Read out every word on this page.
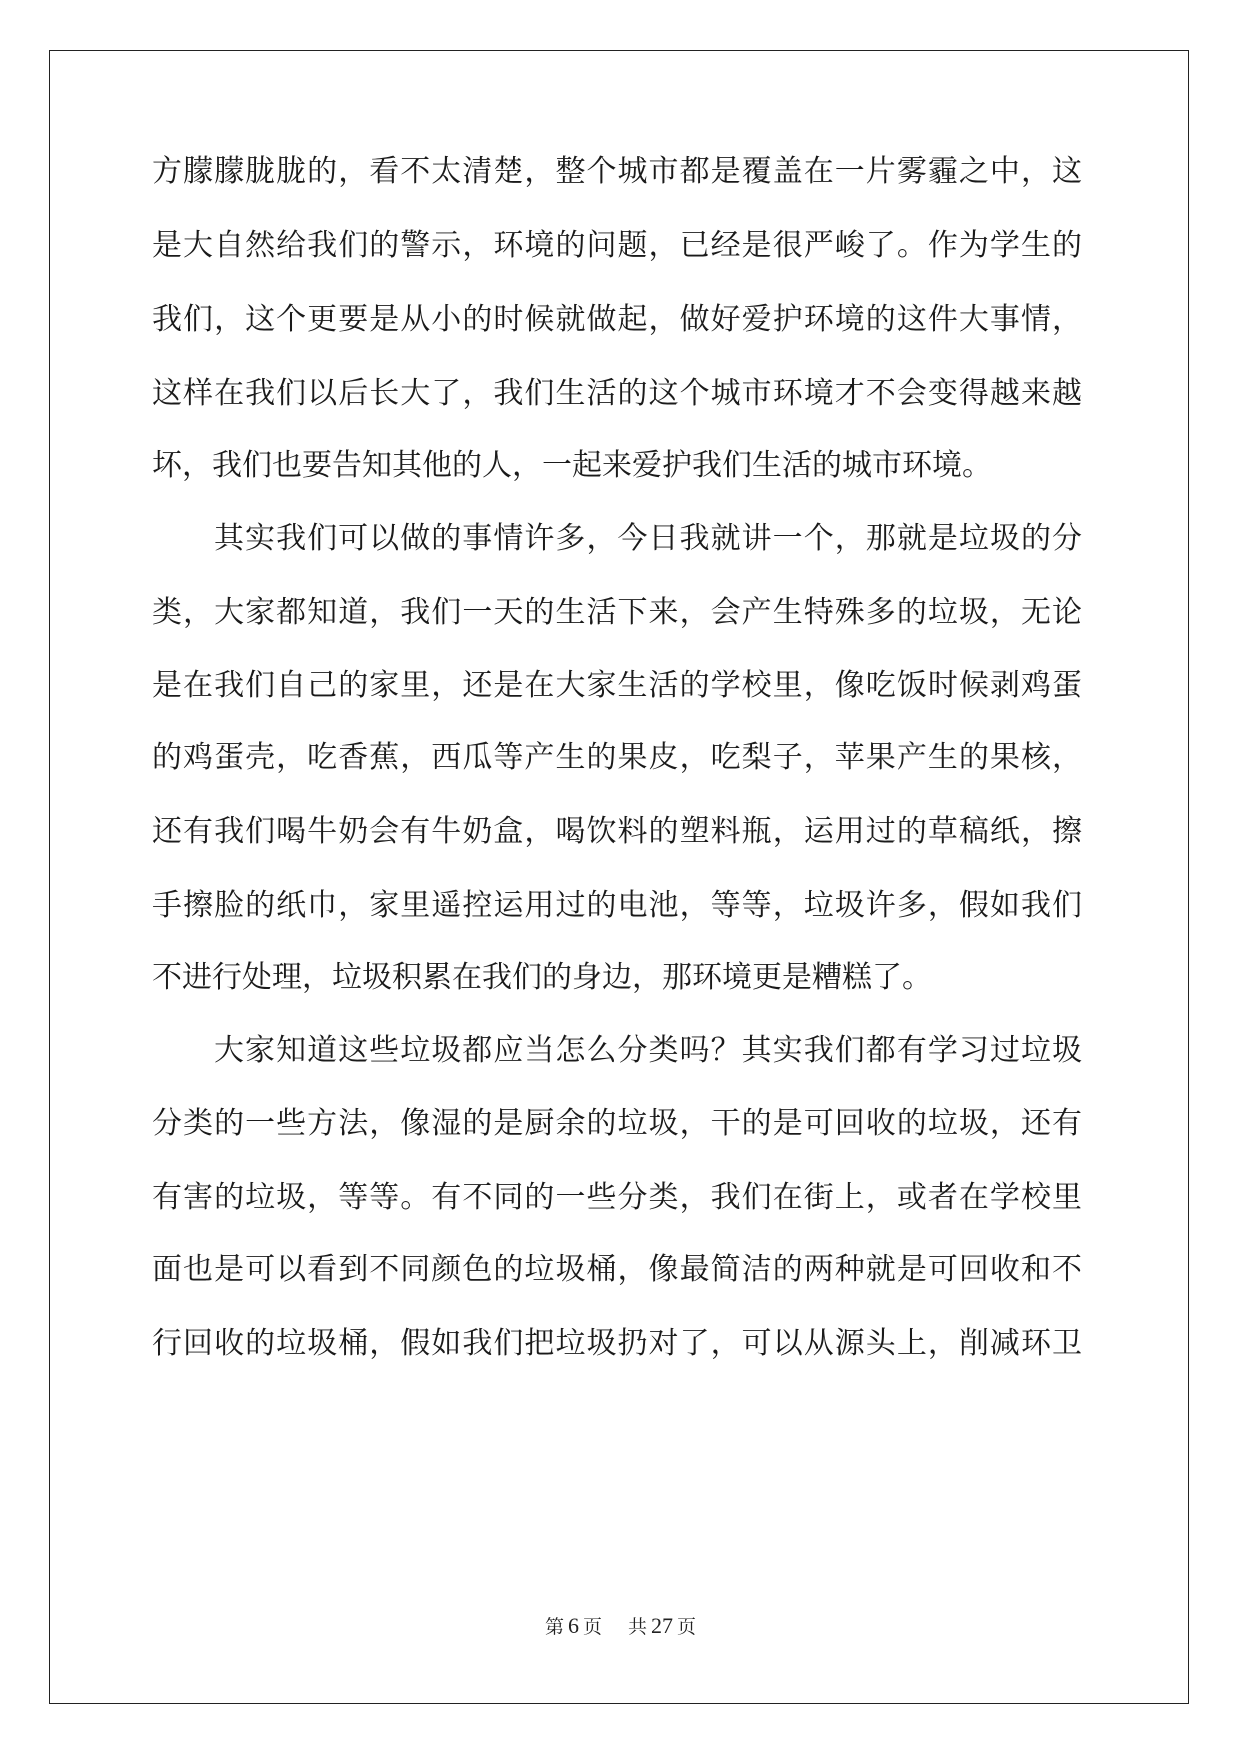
方朦朦胧胧的，看不太清楚，整个城市都是覆盖在一片雾霾之中，这
是大自然给我们的警示，环境的问题，已经是很严峻了。作为学生的
我们，这个更要是从小的时候就做起，做好爱护环境的这件大事情，
这样在我们以后长大了，我们生活的这个城市环境才不会变得越来越
坏，我们也要告知其他的人，一起来爱护我们生活的城市环境。
其实我们可以做的事情许多，今日我就讲一个，那就是垃圾的分
类，大家都知道，我们一天的生活下来，会产生特殊多的垃圾，无论
是在我们自己的家里，还是在大家生活的学校里，像吃饭时候剥鸡蛋
的鸡蛋壳，吃香蕉，西瓜等产生的果皮，吃梨子，苹果产生的果核，
还有我们喝牛奶会有牛奶盒，喝饮料的塑料瓶，运用过的草稿纸，擦
手擦脸的纸巾，家里遥控运用过的电池，等等，垃圾许多，假如我们
不进行处理，垃圾积累在我们的身边，那环境更是糟糕了。
大家知道这些垃圾都应当怎么分类吗？其实我们都有学习过垃圾
分类的一些方法，像湿的是厨余的垃圾，干的是可回收的垃圾，还有
有害的垃圾，等等。有不同的一些分类，我们在街上，或者在学校里
面也是可以看到不同颜色的垃圾桶，像最简洁的两种就是可回收和不
行回收的垃圾桶，假如我们把垃圾扔对了，可以从源头上，削减环卫
第 6 页 共 27 页
